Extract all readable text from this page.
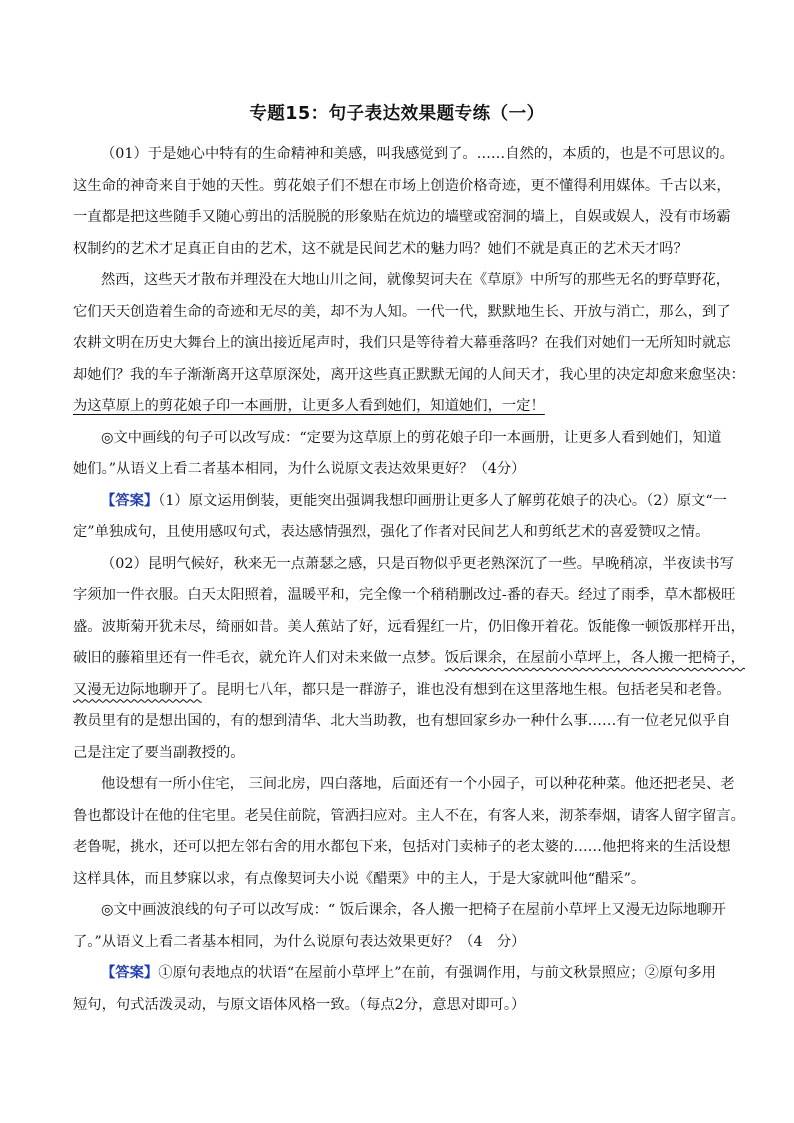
专题15：句子表达效果题专练（一）
（01）于是她心中特有的生命精神和美感，叫我感觉到了。……自然的，本质的，也是不可思议的。
这生命的神奇来自于她的天性。剪花娘子们不想在市场上创造价格奇迹，更不懂得利用媒体。千古以来，
一直都是把这些随手又随心剪出的活脱脱的形象贴在炕边的墙壁或窑洞的墙上，自娱或娱人，没有市场霸
权制约的艺术才足真正自由的艺术，这不就是民间艺术的魅力吗？她们不就是真正的艺术天才吗？
然西，这些天才散布并理没在大地山川之间，就像契诃夫在《草原》中所写的那些无名的野草野花，
它们天天创造着生命的奇迹和无尽的美，却不为人知。一代一代，默默地生长、开放与消亡，那么，到了
农耕文明在历史大舞台上的演出接近尾声时，我们只是等待着大幕垂落吗？在我们对她们一无所知时就忘
却她们？我的车子渐渐离开这草原深处，离开这些真正默默无闻的人间天才，我心里的决定却愈来愈坚决：
为这草原上的剪花娘子印一本画册，让更多人看到她们，知道她们，一定！
◎文中画线的句子可以改写成：“定要为这草原上的剪花娘子印一本画册，让更多人看到她们，知道
她们。”从语义上看二者基本相同，为什么说原文表达效果更好？（4分）
【答案】（1）原文运用倒装，更能突出强调我想印画册让更多人了解剪花娘子的决心。（2）原文“一
定”单独成句，且使用感叹句式，表达感情强烈，强化了作者对民间艺人和剪纸艺术的喜爱赞叹之情。
（02）昆明气候好，秋来无一点萧瑟之感，只是百物似乎更老熟深沉了一些。早晚稍凉，半夜读书写
字须加一件衣服。白天太阳照着，温暖平和，完全像一个稍稍删改过-番的春天。经过了雨季，草木都极旺
盛。波斯菊开犹未尽，绮丽如昔。美人蕉站了好，远看猩红一片，仍旧像开着花。饭能像一顿饭那样开出，
破旧的藤箱里还有一件毛衣，就允许人们对未来做一点梦。饭后课余，在屋前小草坪上，各人搬一把椅子，
又漫无边际地聊开了。昆明七八年，都只是一群游子，谁也没有想到在这里落地生根。包括老吴和老鲁。
教员里有的是想出国的，有的想到清华、北大当助教，也有想回家乡办一种什么事……有一位老兄似乎自
己是注定了要当副教授的。
他设想有一所小住宅， 三间北房，四白落地，后面还有一个小园子，可以种花种菜。他还把老吴、老
鲁也都设计在他的住宅里。老吴住前院，管洒扫应对。主人不在，有客人来，沏茶奉烟，请客人留字留言。
老鲁呢，挑水，还可以把左邻右舍的用水都包下来，包括对门卖柿子的老太婆的……他把将来的生活设想
这样具体，而且梦寐以求，有点像契诃夫小说《醋栗》中的主人，于是大家就叫他“醋采”。
◎文中画波浪线的句子可以改写成：“ 饭后课余，各人搬一把椅子在屋前小草坪上又漫无边际地聊开
了。”从语义上看二者基本相同，为什么说原句表达效果更好？（4　分）
【答案】①原句表地点的状语“在屋前小草坪上”在前，有强调作用，与前文秋景照应；②原句多用
短句，句式活泼灵动，与原文语体风格一致。（每点2分，意思对即可。）
